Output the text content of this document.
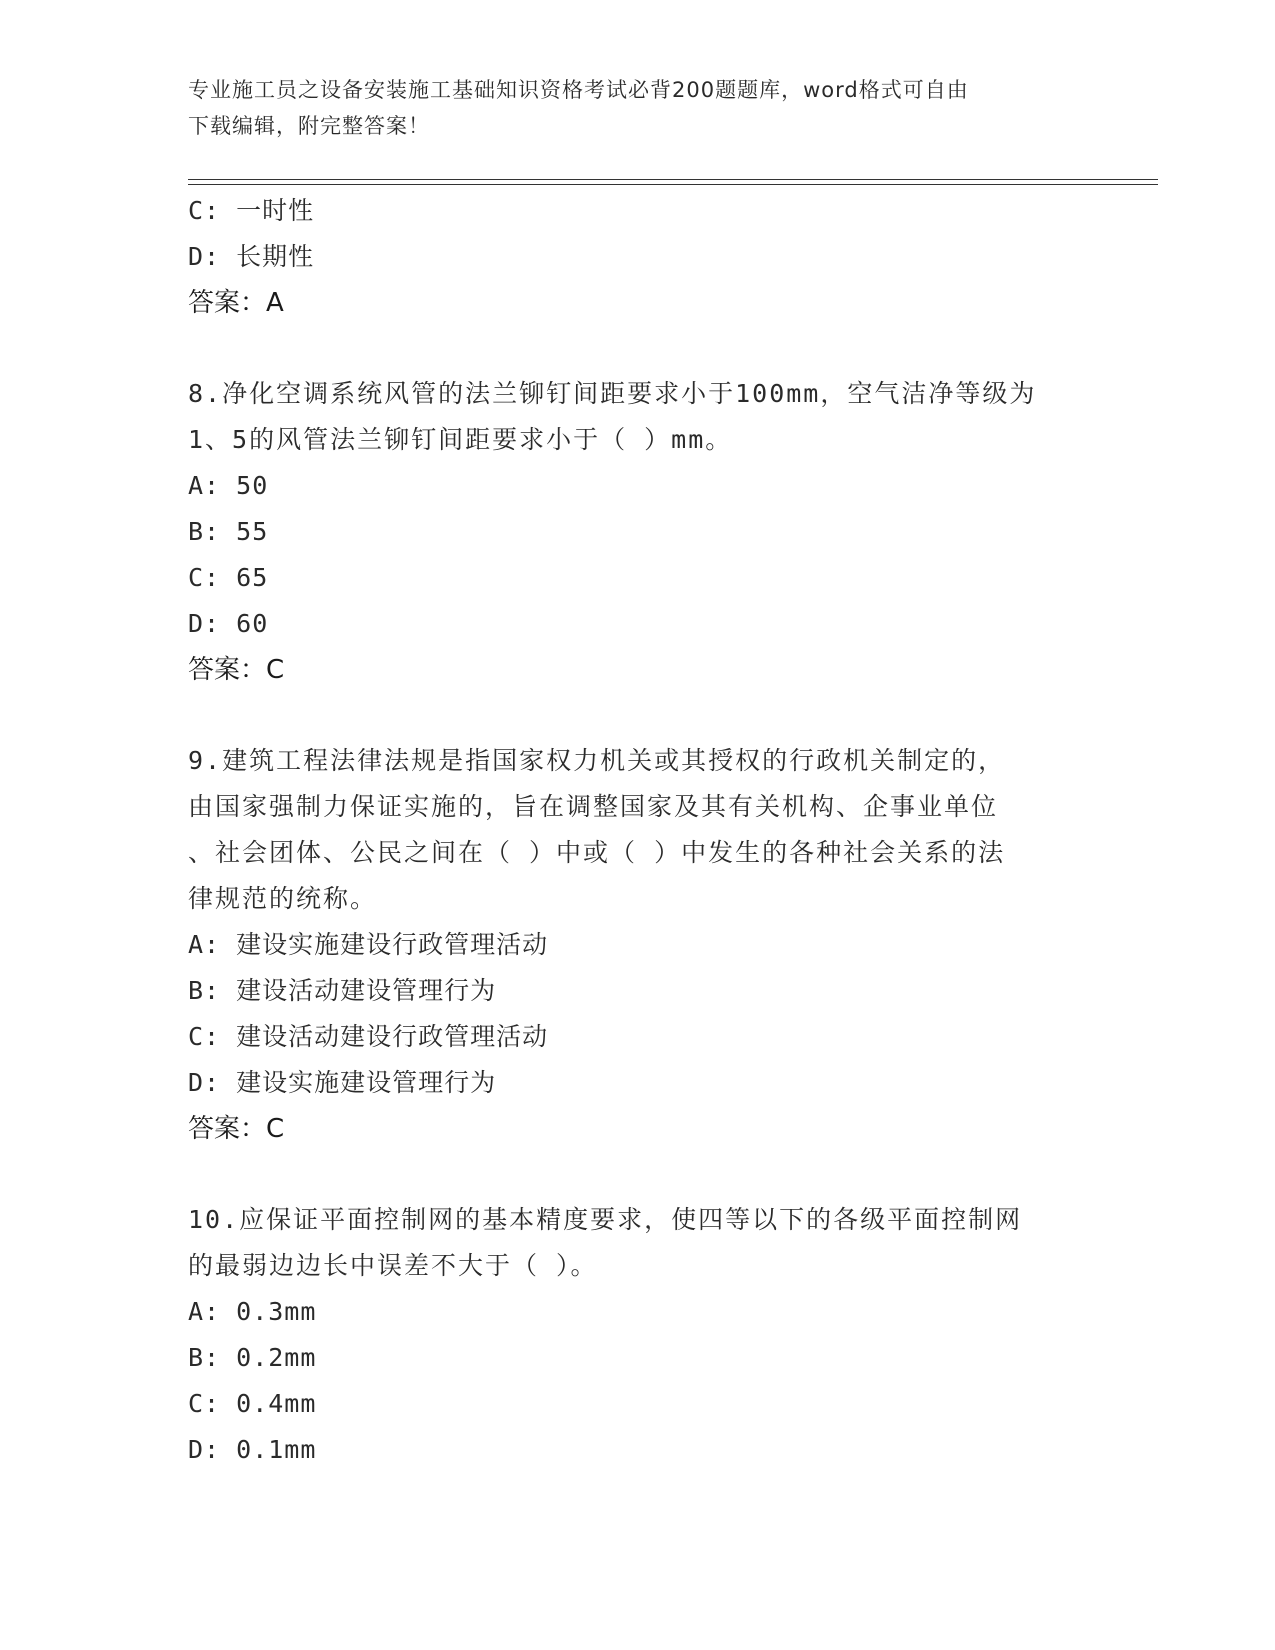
专业施工员之设备安装施工基础知识资格考试必背200题题库，word格式可自由
下载编辑，附完整答案！
C: 一时性
D: 长期性
答案：A
8.净化空调系统风管的法兰铆钉间距要求小于100mm，空气洁净等级为
1、5的风管法兰铆钉间距要求小于（ ）mm。
A: 50
B: 55
C: 65
D: 60
答案：C
9.建筑工程法律法规是指国家权力机关或其授权的行政机关制定的，
由国家强制力保证实施的，旨在调整国家及其有关机构、企事业单位
、社会团体、公民之间在（ ）中或（ ）中发生的各种社会关系的法
律规范的统称。
A: 建设实施建设行政管理活动
B: 建设活动建设管理行为
C: 建设活动建设行政管理活动
D: 建设实施建设管理行为
答案：C
10.应保证平面控制网的基本精度要求，使四等以下的各级平面控制网
的最弱边边长中误差不大于（ ）。
A: 0.3mm
B: 0.2mm
C: 0.4mm
D: 0.1mm
